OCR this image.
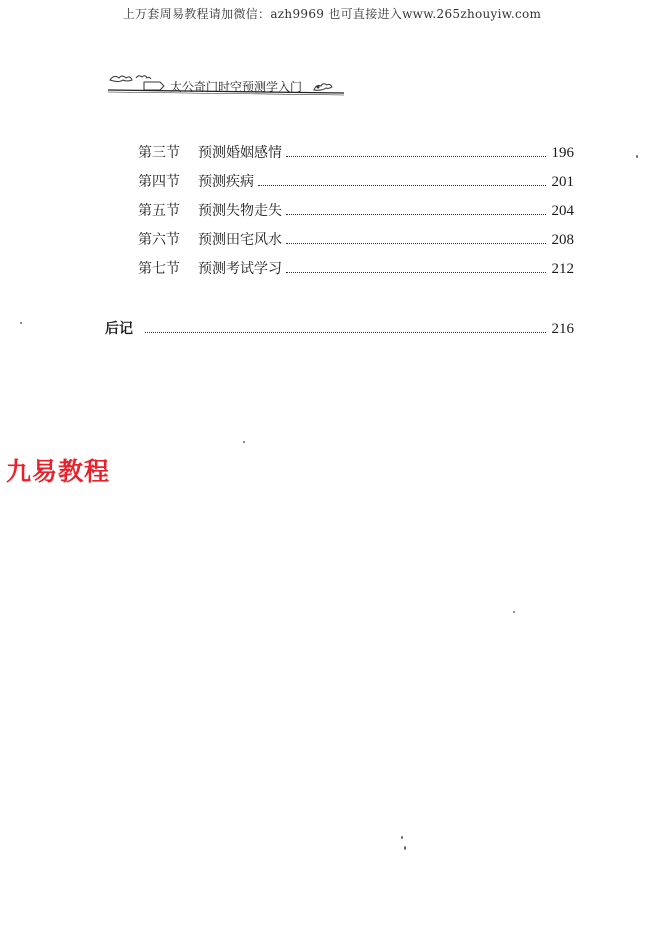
上万套周易教程请加微信：azh9969 也可直接进入www.265zhouyiw.com
太公奇门时空预测学入门
第三节	预测婚姻感情	196
第四节	预测疾病	201
第五节	预测失物走失	204
第六节	预测田宅风水	208
第七节	预测考试学习	212
后记	216
九易教程
